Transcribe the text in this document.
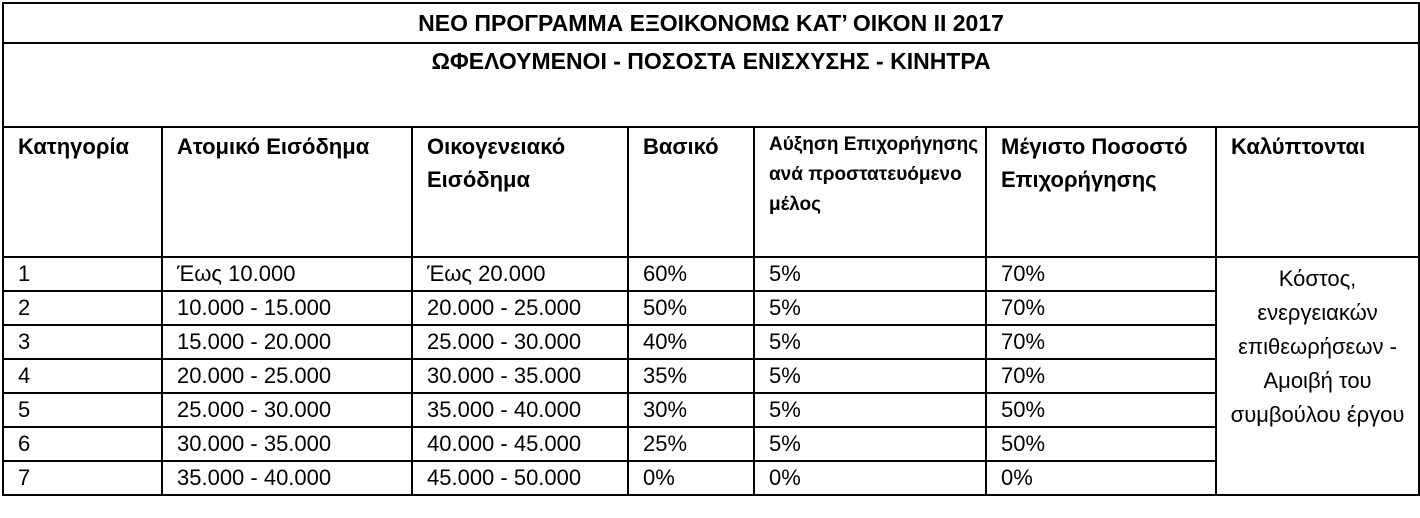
ΝΕΟ ΠΡΟΓΡΑΜΜΑ ΕΞΟΙΚΟΝΟΜΩ ΚΑΤ’ ΟΙΚΟΝ ΙΙ 2017						
ΩΦΕΛΟΥΜΕΝΟΙ - ΠΟΣΟΣΤΑ ΕΝΙΣΧΥΣΗΣ - ΚΙΝΗΤΡΑ						
Κατηγορία	Ατομικό Εισόδημα	Οικογενειακό Εισόδημα	Βασικό	Αύξηση Επιχορήγησης ανά προστατευόμενο μέλος	Μέγιστο Ποσοστό Επιχορήγησης	Καλύπτονται
1	Έως 10.000	Έως 20.000	60%	5%	70%	Κόστος, ενεργειακών επιθεωρήσεων - Αμοιβή του συμβούλου έργου
2	10.000 - 15.000	20.000 - 25.000	50%	5%	70%	
3	15.000 - 20.000	25.000 - 30.000	40%	5%	70%	
4	20.000 - 25.000	30.000 - 35.000	35%	5%	70%	
5	25.000 - 30.000	35.000 - 40.000	30%	5%	50%	
6	30.000 - 35.000	40.000 - 45.000	25%	5%	50%	
7	35.000 - 40.000	45.000 - 50.000	0%	0%	0%	
